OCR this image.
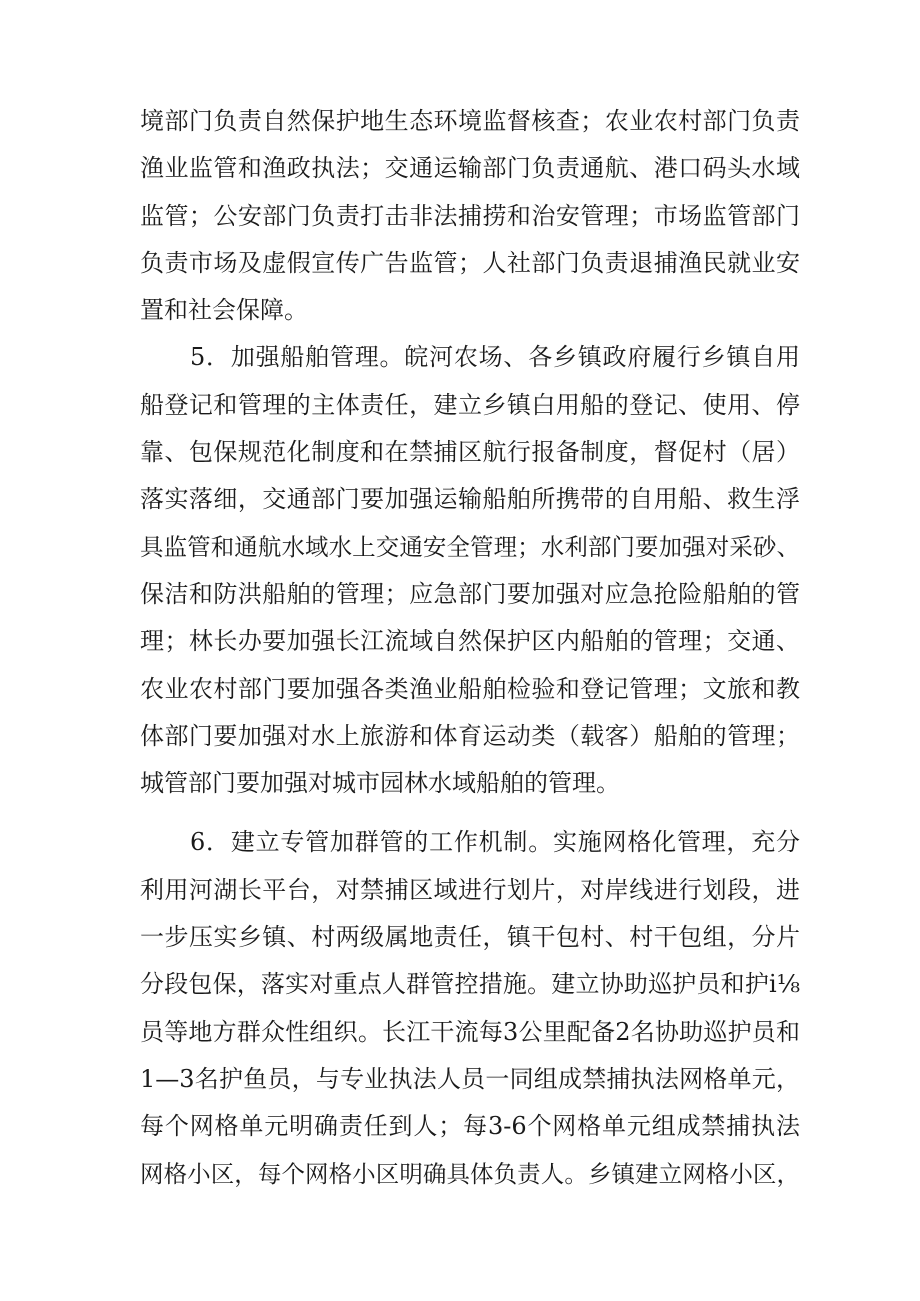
境部门负责自然保护地生态环境监督核查；农业农村部门负责
渔业监管和渔政执法；交通运输部门负责通航、港口码头水域
监管；公安部门负责打击非法捕捞和治安管理；市场监管部门
负责市场及虚假宣传广告监管；人社部门负责退捕渔民就业安
置和社会保障。
5．加强船舶管理。皖河农场、各乡镇政府履行乡镇自用
船登记和管理的主体责任，建立乡镇白用船的登记、使用、停
靠、包保规范化制度和在禁捕区航行报备制度，督促村（居）
落实落细，交通部门要加强运输船舶所携带的自用船、救生浮
具监管和通航水域水上交通安全管理；水利部门要加强对采砂、
保洁和防洪船舶的管理；应急部门要加强对应急抢险船舶的管
理；林长办要加强长江流域自然保护区内船舶的管理；交通、
农业农村部门要加强各类渔业船舶检验和登记管理；文旅和教
体部门要加强对水上旅游和体育运动类（载客）船舶的管理；
城管部门要加强对城市园林水域船舶的管理。
6．建立专管加群管的工作机制。实施网格化管理，充分
利用河湖长平台，对禁捕区域进行划片，对岸线进行划段，进
一步压实乡镇、村两级属地责任，镇干包村、村干包组，分片
分段包保，落实对重点人群管控措施。建立协助巡护员和护i⅛
员等地方群众性组织。长江干流每3公里配备2名协助巡护员和
1—3名护鱼员，与专业执法人员一同组成禁捕执法网格单元，
每个网格单元明确责任到人；每3-6个网格单元组成禁捕执法
网格小区，每个网格小区明确具体负责人。乡镇建立网格小区，
